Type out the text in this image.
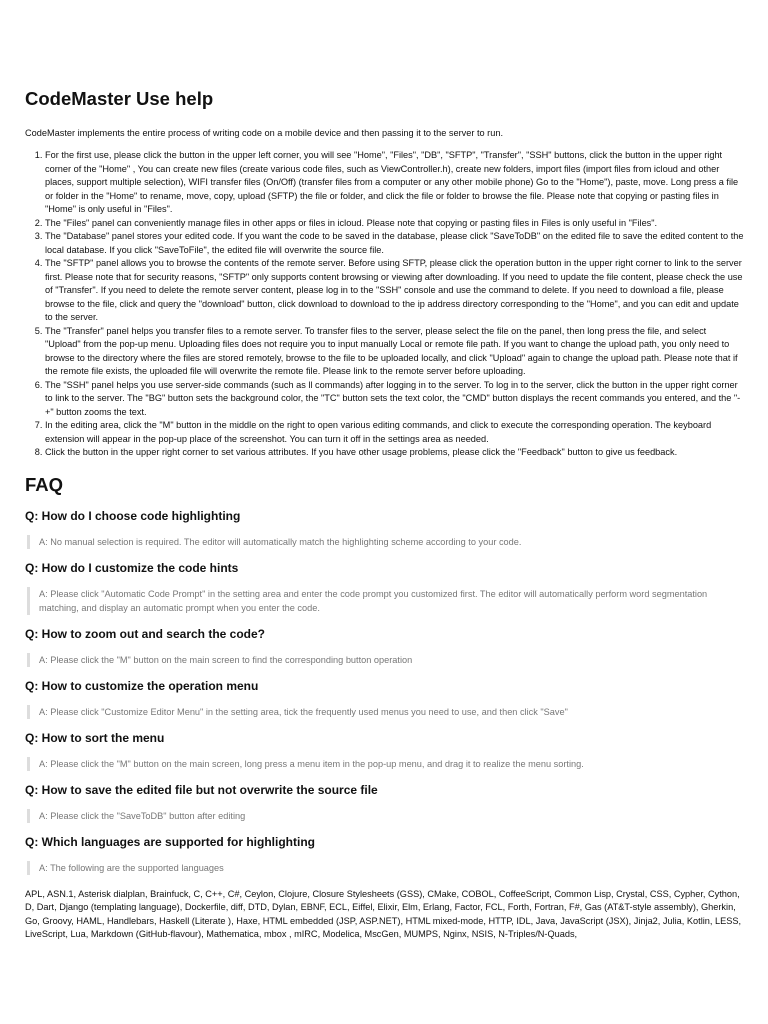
CodeMaster Use help

CodeMaster implements the entire process of writing code on a mobile device and then passing it to the server to run.

1. For the first use, please click the button in the upper left corner, you will see "Home", "Files", "DB", "SFTP", "Transfer", "SSH" buttons, click the button in the upper right corner of the "Home" , You can create new files (create various code files, such as ViewController.h), create new folders, import files (import files from icloud and other places, support multiple selection), WIFI transfer files (On/Off) (transfer files from a computer or any other mobile phone) Go to the "Home"), paste, move. Long press a file or folder in the "Home" to rename, move, copy, upload (SFTP) the file or folder, and click the file or folder to browse the file. Please note that copying or pasting files in "Home" is only useful in "Files".
2. The "Files" panel can conveniently manage files in other apps or files in icloud. Please note that copying or pasting files in Files is only useful in "Files".
3. The "Database" panel stores your edited code. If you want the code to be saved in the database, please click "SaveToDB" on the edited file to save the edited content to the local database. If you click "SaveToFile", the edited file will overwrite the source file.
4. The "SFTP" panel allows you to browse the contents of the remote server. Before using SFTP, please click the operation button in the upper right corner to link to the server first. Please note that for security reasons, "SFTP" only supports content browsing or viewing after downloading. If you need to update the file content, please check the use of "Transfer". If you need to delete the remote server content, please log in to the "SSH" console and use the command to delete. If you need to download a file, please browse to the file, click and query the "download" button, click download to download to the ip address directory corresponding to the "Home", and you can edit and update to the server.
5. The "Transfer" panel helps you transfer files to a remote server. To transfer files to the server, please select the file on the panel, then long press the file, and select "Upload" from the pop-up menu. Uploading files does not require you to input manually Local or remote file path. If you want to change the upload path, you only need to browse to the directory where the files are stored remotely, browse to the file to be uploaded locally, and click "Upload" again to change the upload path. Please note that if the remote file exists, the uploaded file will overwrite the remote file. Please link to the remote server before uploading.
6. The "SSH" panel helps you use server-side commands (such as ll commands) after logging in to the server. To log in to the server, click the button in the upper right corner to link to the server. The "BG" button sets the background color, the "TC" button sets the text color, the "CMD" button displays the recent commands you entered, and the "- +" button zooms the text.
7. In the editing area, click the "M" button in the middle on the right to open various editing commands, and click to execute the corresponding operation. The keyboard extension will appear in the pop-up place of the screenshot. You can turn it off in the settings area as needed.
8. Click the button in the upper right corner to set various attributes. If you have other usage problems, please click the "Feedback" button to give us feedback.
FAQ
Q: How do I choose code highlighting
A: No manual selection is required. The editor will automatically match the highlighting scheme according to your code.
Q: How do I customize the code hints
A: Please click "Automatic Code Prompt" in the setting area and enter the code prompt you customized first. The editor will automatically perform word segmentation matching, and display an automatic prompt when you enter the code.
Q: How to zoom out and search the code?
A: Please click the "M" button on the main screen to find the corresponding button operation
Q: How to customize the operation menu
A: Please click "Customize Editor Menu" in the setting area, tick the frequently used menus you need to use, and then click "Save"
Q: How to sort the menu
A: Please click the "M" button on the main screen, long press a menu item in the pop-up menu, and drag it to realize the menu sorting.
Q: How to save the edited file but not overwrite the source file
A: Please click the "SaveToDB" button after editing
Q: Which languages are supported for highlighting
A: The following are the supported languages

APL, ASN.1, Asterisk dialplan, Brainfuck, C, C++, C#, Ceylon, Clojure, Closure Stylesheets (GSS), CMake, COBOL, CoffeeScript, Common Lisp, Crystal, CSS, Cypher, Cython, D, Dart, Django (templating language), Dockerfile, diff, DTD, Dylan, EBNF, ECL, Eiffel, Elixir, Elm, Erlang, Factor, FCL, Forth, Fortran, F#, Gas (AT&T-style assembly), Gherkin, Go, Groovy, HAML, Handlebars, Haskell (Literate ), Haxe, HTML embedded (JSP, ASP.NET), HTML mixed-mode, HTTP, IDL, Java, JavaScript (JSX), Jinja2, Julia, Kotlin, LESS, LiveScript, Lua, Markdown (GitHub-flavour), Mathematica, mbox , mIRC, Modelica, MscGen, MUMPS, Nginx, NSIS, N-Triples/N-Quads,
